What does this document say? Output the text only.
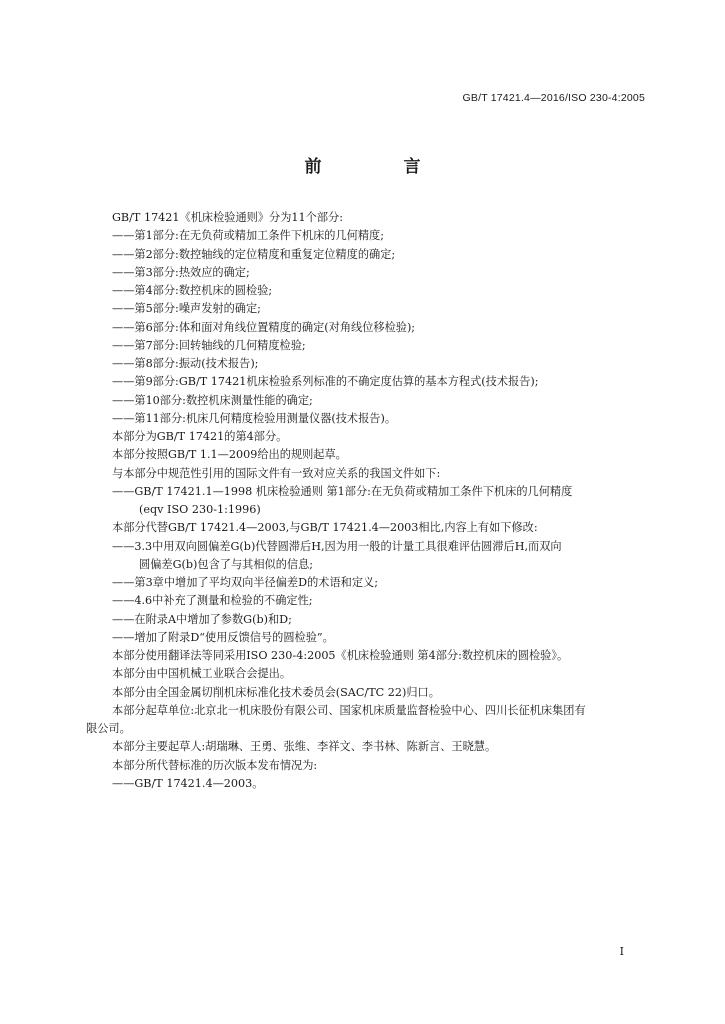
GB/T 17421.4—2016/ISO 230-4:2005
前 言
GB/T 17421《机床检验通则》分为11个部分:
——第1部分:在无负荷或精加工条件下机床的几何精度;
——第2部分:数控轴线的定位精度和重复定位精度的确定;
——第3部分:热效应的确定;
——第4部分:数控机床的圆检验;
——第5部分:噪声发射的确定;
——第6部分:体和面对角线位置精度的确定(对角线位移检验);
——第7部分:回转轴线的几何精度检验;
——第8部分:振动(技术报告);
——第9部分:GB/T 17421机床检验系列标准的不确定度估算的基本方程式(技术报告);
——第10部分:数控机床测量性能的确定;
——第11部分:机床几何精度检验用测量仪器(技术报告)。
本部分为GB/T 17421的第4部分。
本部分按照GB/T 1.1—2009给出的规则起草。
与本部分中规范性引用的国际文件有一致对应关系的我国文件如下:
——GB/T 17421.1—1998 机床检验通则 第1部分:在无负荷或精加工条件下机床的几何精度
(eqv ISO 230-1:1996)
本部分代替GB/T 17421.4—2003,与GB/T 17421.4—2003相比,内容上有如下修改:
——3.3中用双向圆偏差G(b)代替圆滞后H,因为用一般的计量工具很难评估圆滞后H,而双向
圆偏差G(b)包含了与其相似的信息;
——第3章中增加了平均双向半径偏差D的术语和定义;
——4.6中补充了测量和检验的不确定性;
——在附录A中增加了参数G(b)和D;
——增加了附录D“使用反馈信号的圆检验”。
本部分使用翻译法等同采用ISO 230-4:2005《机床检验通则 第4部分:数控机床的圆检验》。
本部分由中国机械工业联合会提出。
本部分由全国金属切削机床标准化技术委员会(SAC/TC 22)归口。
本部分起草单位:北京北一机床股份有限公司、国家机床质量监督检验中心、四川长征机床集团有
限公司。
本部分主要起草人:胡瑞琳、王勇、张维、李祥文、李书林、陈新言、王晓慧。
本部分所代替标准的历次版本发布情况为:
——GB/T 17421.4—2003。
I
